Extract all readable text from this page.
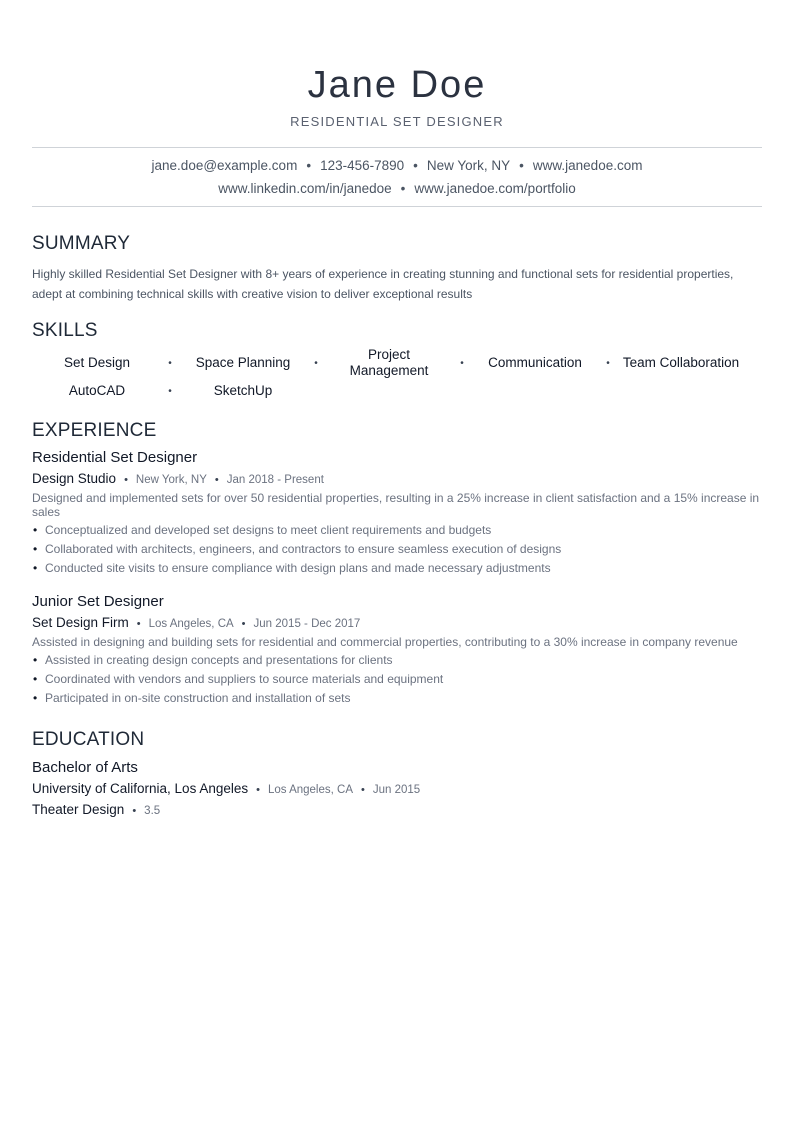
Jane Doe
RESIDENTIAL SET DESIGNER
jane.doe@example.com • 123-456-7890 • New York, NY • www.janedoe.com
www.linkedin.com/in/janedoe • www.janedoe.com/portfolio
SUMMARY
Highly skilled Residential Set Designer with 8+ years of experience in creating stunning and functional sets for residential properties, adept at combining technical skills with creative vision to deliver exceptional results
SKILLS
Set Design	•	Space Planning	•
Project Management	•	Communication	• Team Collaboration
AutoCAD	•	SketchUp
EXPERIENCE
Residential Set Designer
Design Studio • New York, NY • Jan 2018 - Present
Designed and implemented sets for over 50 residential properties, resulting in a 25% increase in client satisfaction and a 15% increase in sales
• Conceptualized and developed set designs to meet client requirements and budgets
• Collaborated with architects, engineers, and contractors to ensure seamless execution of designs
• Conducted site visits to ensure compliance with design plans and made necessary adjustments
Junior Set Designer
Set Design Firm • Los Angeles, CA • Jun 2015 - Dec 2017
Assisted in designing and building sets for residential and commercial properties, contributing to a 30% increase in company revenue
• Assisted in creating design concepts and presentations for clients
• Coordinated with vendors and suppliers to source materials and equipment
• Participated in on-site construction and installation of sets
EDUCATION
Bachelor of Arts
University of California, Los Angeles • Los Angeles, CA • Jun 2015
Theater Design • 3.5
